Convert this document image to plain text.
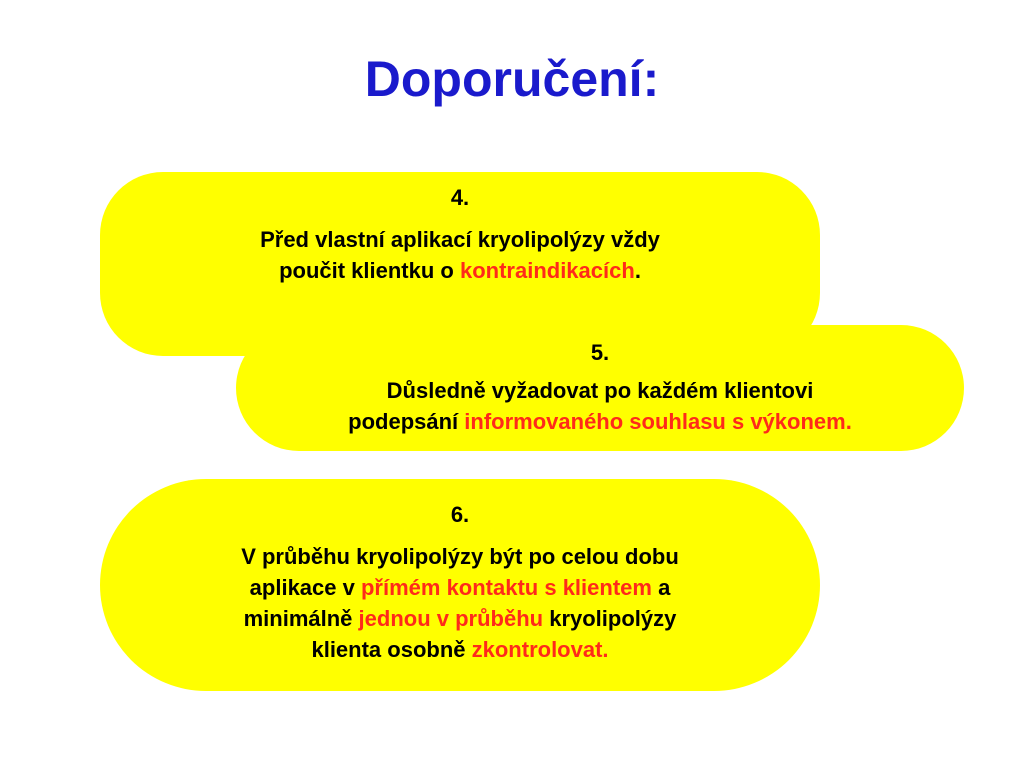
Doporučení:
4.
Před vlastní aplikací kryolipolýzy vždy
poučit klientku o kontraindikacích.
5.
Důsledně vyžadovat po každém klientovi
podepsání informovaného souhlasu s výkonem.
6.
V průběhu kryolipolýzy být po celou dobu
aplikace v přímém kontaktu s klientem a
minimálně jednou v průběhu kryolipolýzy
klienta osobně zkontrolovat.
